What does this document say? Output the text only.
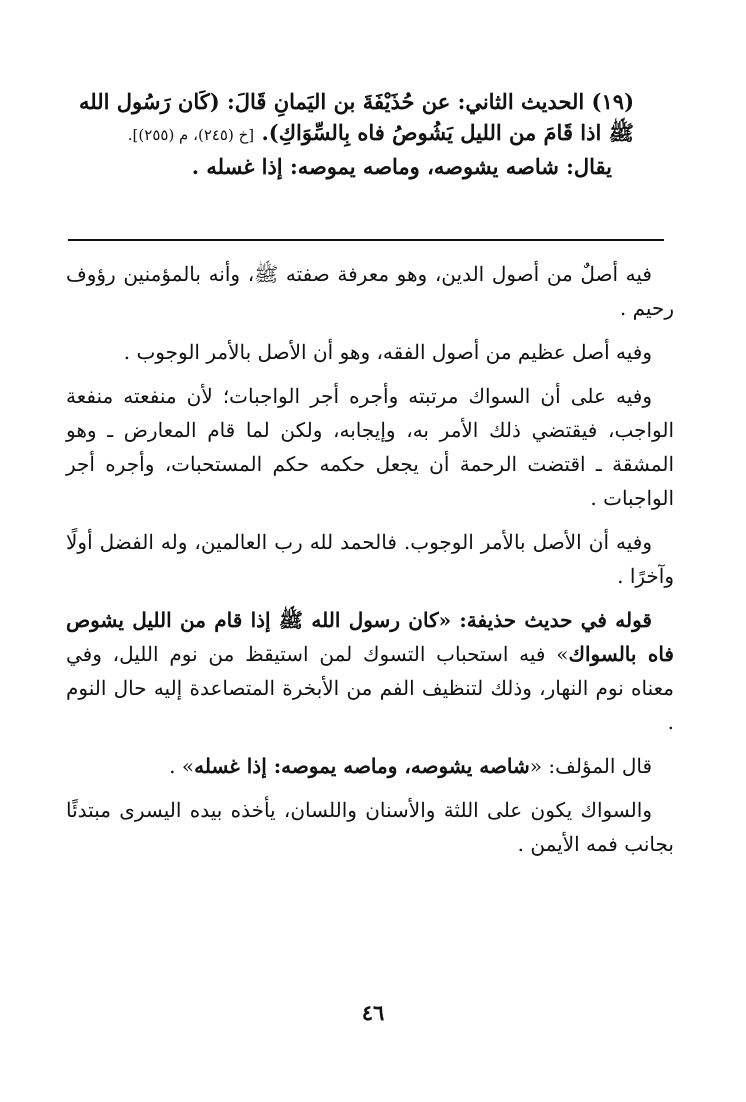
(١٩) الحديث الثاني: عن حُذَيْفَةَ بن اليَمانِ قَالَ: (كَان رَسُول الله
ﷺ اذا قَامَ من الليل يَشُوصُ فاه بِالسِّوَاكِ). [خ (٢٤٥)، م (٢٥٥)].
يقال: شاصه يشوصه، وماصه يموصه: إذا غسله .

فيه أصلٌ من أصول الدين، وهو معرفة صفته ﷺ، وأنه بالمؤمنين رؤوف رحيم .

وفيه أصل عظيم من أصول الفقه، وهو أن الأصل بالأمر الوجوب .

وفيه على أن السواك مرتبته وأجره أجر الواجبات؛ لأن منفعته منفعة الواجب، فيقتضي ذلك الأمر به، وإيجابه، ولكن لما قام المعارض ـ وهو المشقة ـ اقتضت الرحمة أن يجعل حكمه حكم المستحبات، وأجره أجر الواجبات .

وفيه أن الأصل بالأمر الوجوب. فالحمد لله رب العالمين، وله الفضل أولًا وآخرًا .

قوله في حديث حذيفة: «كان رسول الله ﷺ إذا قام من الليل يشوص فاه بالسواك» فيه استحباب التسوك لمن استيقظ من نوم الليل، وفي معناه نوم النهار، وذلك لتنظيف الفم من الأبخرة المتصاعدة إليه حال النوم .

قال المؤلف: «شاصه يشوصه، وماصه يموصه: إذا غسله» .

والسواك يكون على اللثة والأسنان واللسان، يأخذه بيده اليسرى مبتدئًا بجانب فمه الأيمن .

٤٦
